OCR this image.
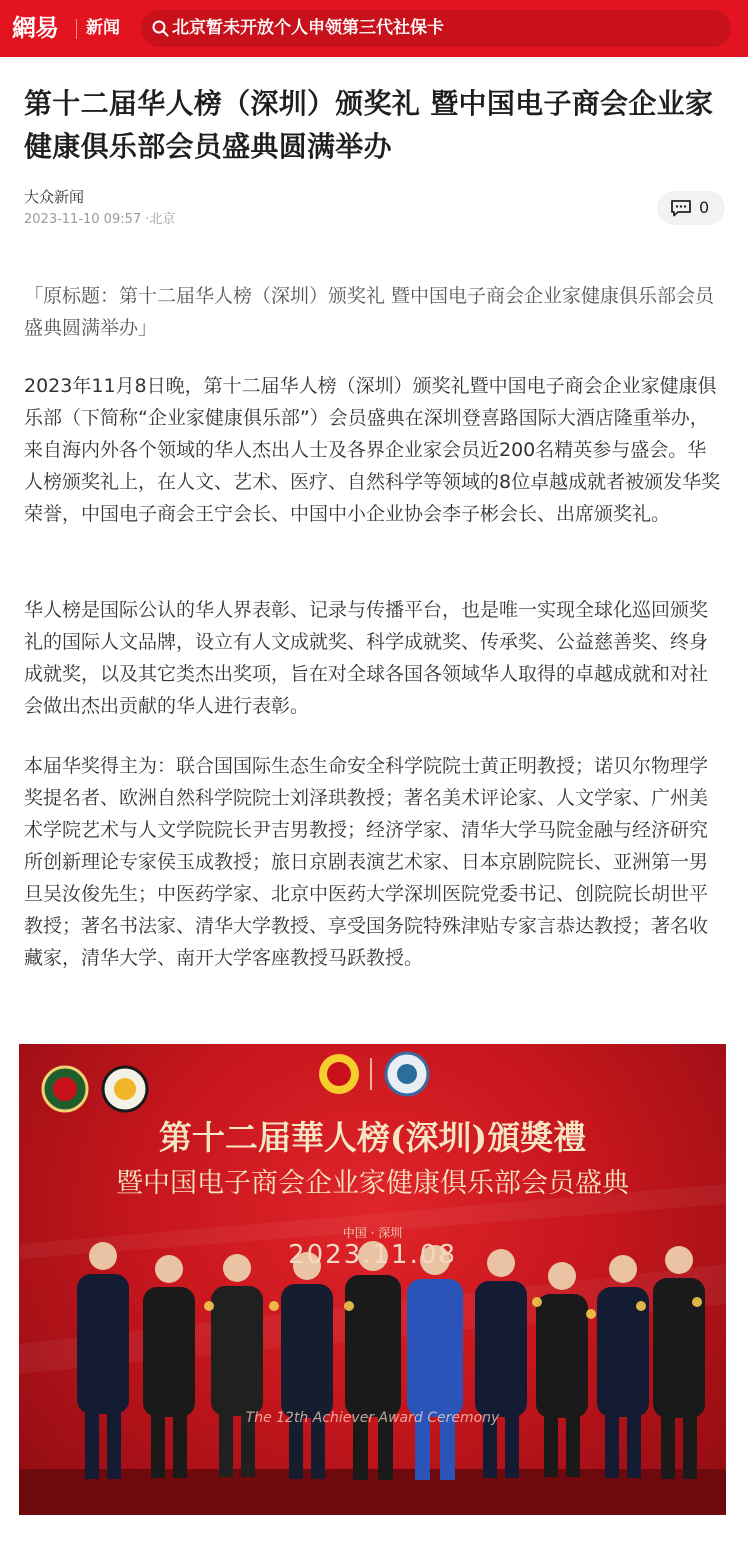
網易	新闻	北京暂未开放个人申领第三代社保卡
第十二届华人榜（深圳）颁奖礼 暨中国电子商会企业家健康俱乐部会员盛典圆满举办
大众新闻
2023-11-10 09:57 ·北京
0

「原标题：第十二届华人榜（深圳）颁奖礼 暨中国电子商会企业家健康俱乐部会员盛典圆满举办」

2023年11月8日晚，第十二届华人榜（深圳）颁奖礼暨中国电子商会企业家健康俱乐部（下简称“企业家健康俱乐部”）会员盛典在深圳登喜路国际大酒店隆重举办，来自海内外各个领域的华人杰出人士及各界企业家会员近200名精英参与盛会。华人榜颁奖礼上，在人文、艺术、医疗、自然科学等领域的8位卓越成就者被颁发华奖荣誉，中国电子商会王宁会长、中国中小企业协会李子彬会长、出席颁奖礼。

华人榜是国际公认的华人界表彰、记录与传播平台，也是唯一实现全球化巡回颁奖礼的国际人文品牌，设立有人文成就奖、科学成就奖、传承奖、公益慈善奖、终身成就奖，以及其它类杰出奖项，旨在对全球各国各领域华人取得的卓越成就和对社会做出杰出贡献的华人进行表彰。

本届华奖得主为：联合国国际生态生命安全科学院院士黄正明教授；诺贝尔物理学奖提名者、欧洲自然科学院院士刘泽珙教授；著名美术评论家、人文学家、广州美术学院艺术与人文学院院长尹吉男教授；经济学家、清华大学马院金融与经济研究所创新理论专家侯玉成教授；旅日京剧表演艺术家、日本京剧院院长、亚洲第一男旦吴汝俊先生；中医药学家、北京中医药大学深圳医院党委书记、创院院长胡世平教授；著名书法家、清华大学教授、享受国务院特殊津贴专家言恭达教授；著名收藏家，清华大学、南开大学客座教授马跃教授。

第十二届華人榜(深圳)頒獎禮
暨中国电子商会企业家健康俱乐部会员盛典
中国 · 深圳
2023.11.08
The 12th Achiever Award Ceremony
